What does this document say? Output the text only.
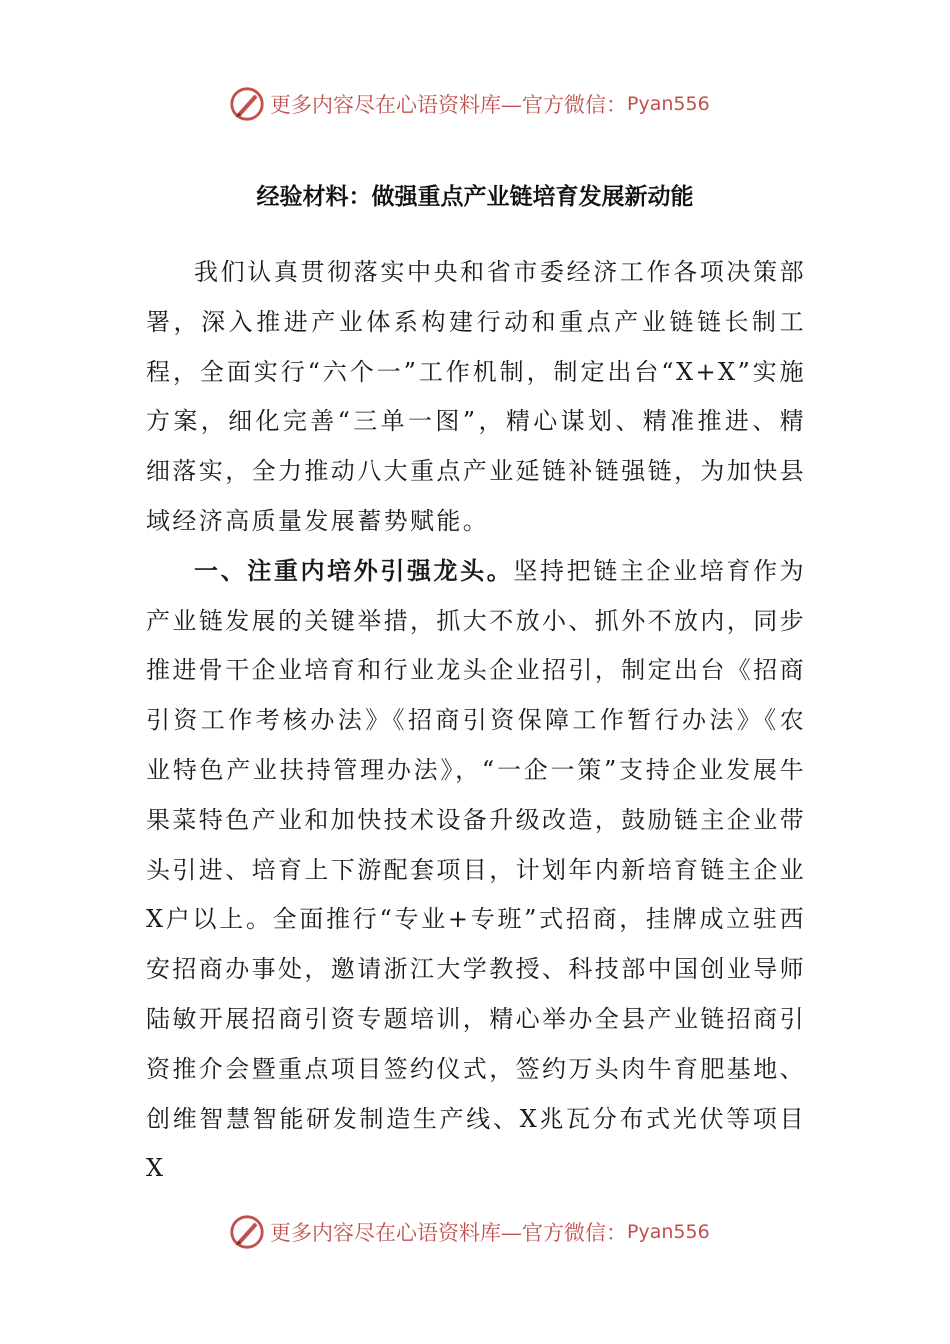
更多内容尽在心语资料库—官方微信： Pyan556
经验材料：做强重点产业链培育发展新动能

我们认真贯彻落实中央和省市委经济工作各项决策部署，深入推进产业体系构建行动和重点产业链链长制工程，全面实行“六个一”工作机制，制定出台“X+X”实施方案，细化完善“三单一图”，精心谋划、精准推进、精细落实，全力推动八大重点产业延链补链强链，为加快县域经济高质量发展蓄势赋能。

一、注重内培外引强龙头。坚持把链主企业培育作为产业链发展的关键举措，抓大不放小、抓外不放内，同步推进骨干企业培育和行业龙头企业招引，制定出台《招商引资工作考核办法》《招商引资保障工作暂行办法》《农业特色产业扶持管理办法》，“一企一策”支持企业发展牛果菜特色产业和加快技术设备升级改造，鼓励链主企业带头引进、培育上下游配套项目，计划年内新培育链主企业X户以上。全面推行“专业+专班”式招商，挂牌成立驻西安招商办事处，邀请浙江大学教授、科技部中国创业导师陆敏开展招商引资专题培训，精心举办全县产业链招商引资推介会暨重点项目签约仪式，签约万头肉牛育肥基地、创维智慧智能研发制造生产线、X兆瓦分布式光伏等项目X

更多内容尽在心语资料库—官方微信： Pyan556
